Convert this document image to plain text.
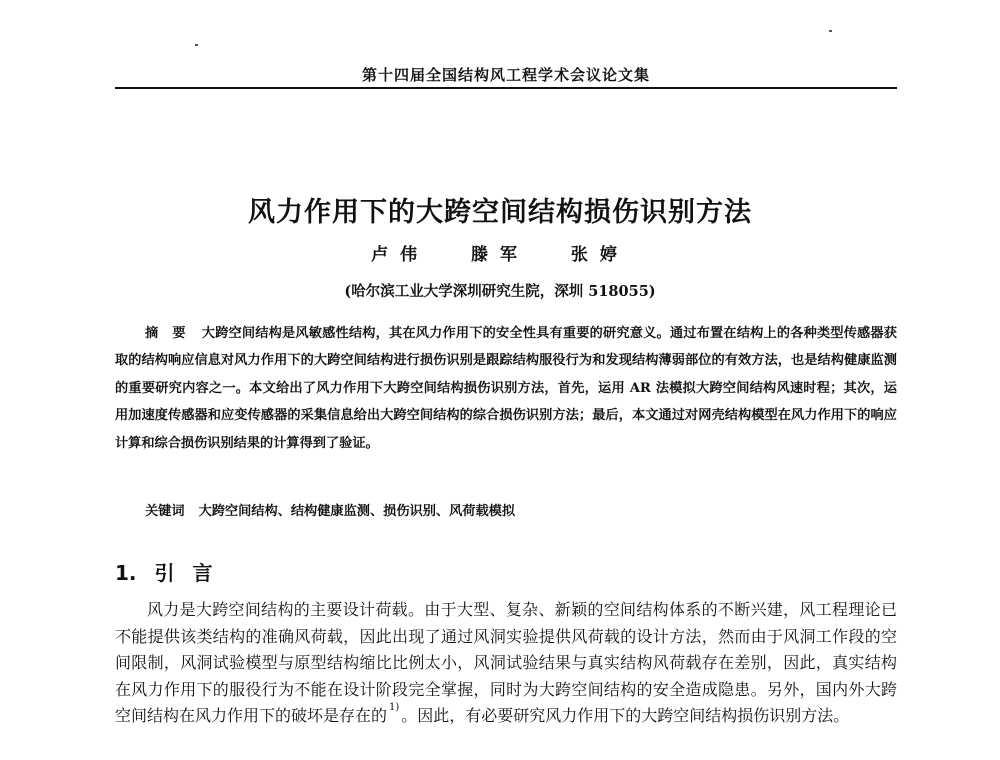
第十四届全国结构风工程学术会议论文集
风力作用下的大跨空间结构损伤识别方法
卢伟 滕军 张婷
(哈尔滨工业大学深圳研究生院，深圳 518055)
摘要 大跨空间结构是风敏感性结构，其在风力作用下的安全性具有重要的研究意义。通过布置在结构上的各种类型传感器获取的结构响应信息对风力作用下的大跨空间结构进行损伤识别是跟踪结构服役行为和发现结构薄弱部位的有效方法，也是结构健康监测的重要研究内容之一。本文给出了风力作用下大跨空间结构损伤识别方法，首先，运用 AR 法模拟大跨空间结构风速时程；其次，运用加速度传感器和应变传感器的采集信息给出大跨空间结构的综合损伤识别方法；最后，本文通过对网壳结构模型在风力作用下的响应计算和综合损伤识别结果的计算得到了验证。
关键词 大跨空间结构、结构健康监测、损伤识别、风荷载模拟
1. 引言
风力是大跨空间结构的主要设计荷载。由于大型、复杂、新颖的空间结构体系的不断兴建，风工程理论已不能提供该类结构的准确风荷载，因此出现了通过风洞实验提供风荷载的设计方法，然而由于风洞工作段的空间限制，风洞试验模型与原型结构缩比比例太小，风洞试验结果与真实结构风荷载存在差别，因此，真实结构在风力作用下的服役行为不能在设计阶段完全掌握，同时为大跨空间结构的安全造成隐患。另外，国内外大跨空间结构在风力作用下的破坏是存在的 $^{1)}$ 。因此，有必要研究风力作用下的大跨空间结构损伤识别方法。
